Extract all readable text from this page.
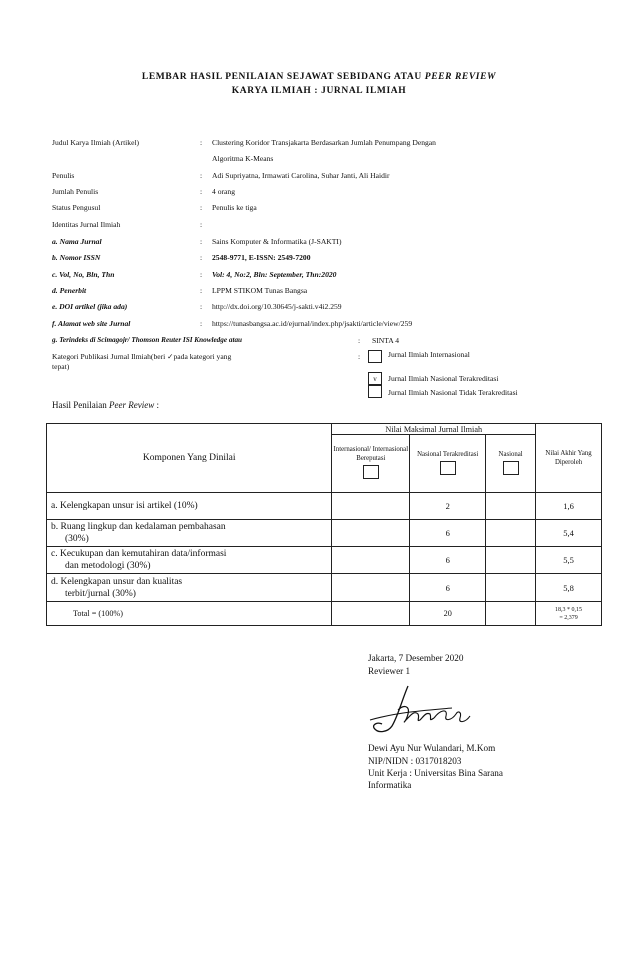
LEMBAR HASIL PENILAIAN SEJAWAT SEBIDANG ATAU PEER REVIEW
KARYA ILMIAH : JURNAL ILMIAH
Judul Karya Ilmiah (Artikel)	: Clustering Koridor Transjakarta Berdasarkan Jumlah Penumpang Dengan
Algoritma K-Means
Penulis	: Adi Supriyatna, Irmawati Carolina, Suhar Janti, Ali Haidir
Jumlah Penulis	: 4 orang
Status Pengusul	: Penulis ke tiga
Identitas Jurnal Ilmiah	:
a. Nama Jurnal	: Sains Komputer & Informatika (J-SAKTI)
b. Nomor ISSN	: 2548-9771, E-ISSN: 2549-7200
c. Vol, No, Bln, Thn	: Vol: 4, No:2, Bln: September, Thn:2020
d. Penerbit	: LPPM STIKOM Tunas Bangsa
e. DOI artikel (jika ada)	: http://dx.doi.org/10.30645/j-sakti.v4i2.259
f. Alamat web site Jurnal	: https://tunasbangsa.ac.id/ejurnal/index.php/jsakti/article/view/259
g. Terindeks di Scimagojr/ Thomson Reuter ISI Knowledge atau	: SINTA 4
Kategori Publikasi Jurnal Ilmiah(beri ✓pada kategori yang
tepat)
:	Jurnal Ilmiah Internasional
v	Jurnal Ilmiah Nasional Terakreditasi
Jurnal Ilmiah Nasional Tidak Terakreditasi
Hasil Penilaian Peer Review :
Komponen Yang Dinilai	Nilai Maksimal Jurnal Ilmiah			Nilai Akhir Yang Diperoleh

	Internasional/ Internasional Bereputasi	Nasional Terakreditasi	Nasional	

a. Kelengkapan unsur isi artikel (10%)		2		1,6

b. Ruang lingkup dan kedalaman pembahasan
(30%)		6		5,4

c. Kecukupan dan kemutahiran data/informasi
dan metodologi (30%)		6		5,5

d. Kelengkapan unsur dan kualitas
terbit/jurnal (30%)		6		5,8
Total = (100%)		20		18,3 * 0,15
= 2,379
Jakarta, 7 Desember 2020
Reviewer 1
Dewi Ayu Nur Wulandari, M.Kom
NIP/NIDN : 0317018203
Unit Kerja : Universitas Bina Sarana
Informatika
